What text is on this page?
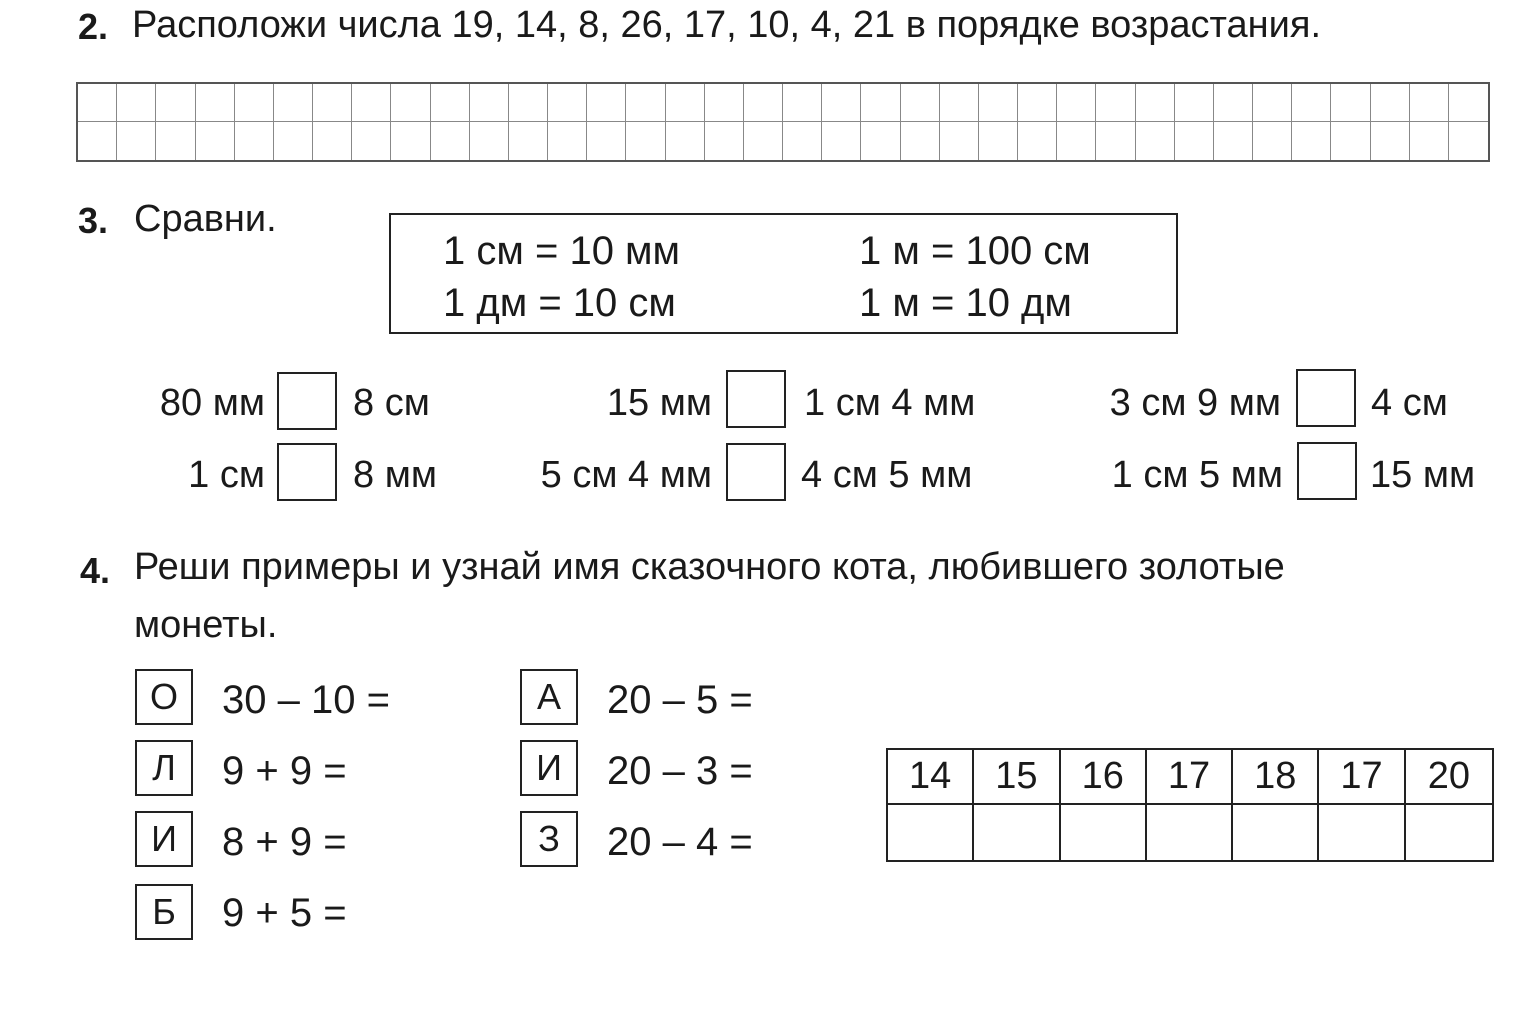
2. Расположи числа 19, 14, 8, 26, 17, 10, 4, 21 в порядке возрастания.
3. Сравни.
1 см = 10 мм	1 м = 100 см
1 дм = 10 см	1 м = 10 дм
80 мм 8 см	15 мм 1 см 4 мм	3 см 9 мм 4 см
1 см 8 мм	5 см 4 мм 4 см 5 мм	1 см 5 мм 15 мм
4. Реши примеры и узнай имя сказочного кота, любившего золотые
монеты.
О	30 – 10 =
Л	9 + 9 =
И	8 + 9 =
Б	9 + 5 =
А	20 – 5 =
И	20 – 3 =
З	20 – 4 =
14	15	16	17	18	17	20
